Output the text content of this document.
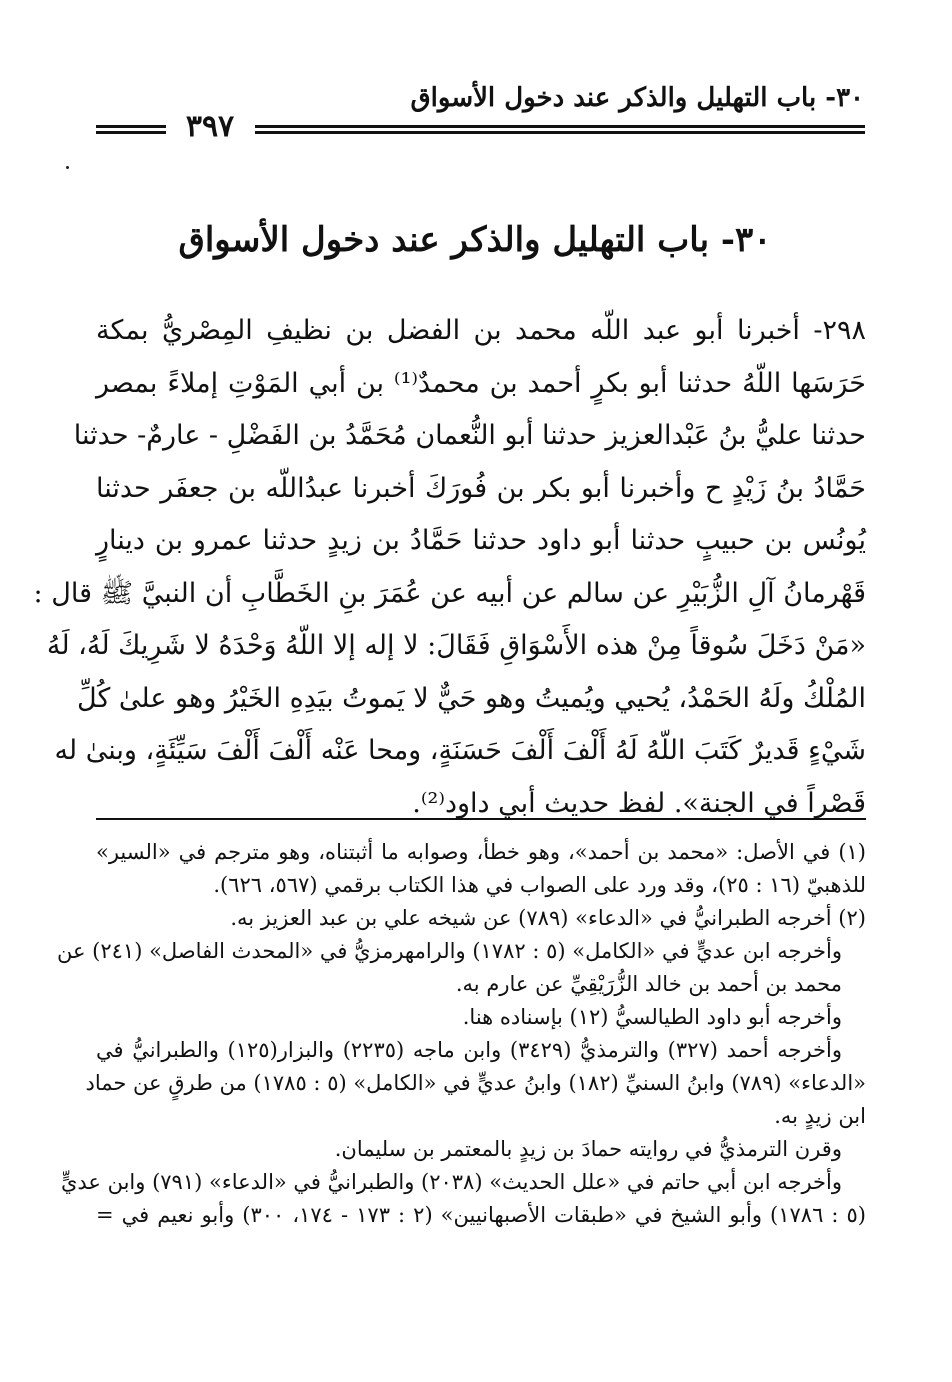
٣٠- باب التهليل والذكر عند دخول الأسواق
٣٩٧
٣٠- باب التهليل والذكر عند دخول الأسواق
٢٩٨- أخبرنا أبو عبد اللّه محمد بن الفضل بن نظيفِ المِصْريُّ بمكة
حَرَسَها اللّهُ حدثنا أبو بكرٍ أحمد بن محمدٌ⁽¹⁾ بن أبي المَوْتِ إملاءً بمصر
حدثنا عليُّ بنُ عَبْدالعزيز حدثنا أبو النُّعمان مُحَمَّدُ بن الفَضْلِ - عارمٌ- حدثنا
حَمَّادُ بنُ زَيْدٍ ح وأخبرنا أبو بكر بن فُورَكَ أخبرنا عبدُاللّه بن جعفَر حدثنا
يُونُس بن حبيبٍ حدثنا أبو داود حدثنا حَمَّادُ بن زيدٍ حدثنا عمرو بن دينارٍ
قَهْرمانُ آلِ الزُّبَيْرِ عن سالم عن أبيه عن عُمَرَ بنِ الخَطَّابِ أن النبيَّ ﷺ قال :
«مَنْ دَخَلَ سُوقاً مِنْ هذه الأَسْوَاقِ فَقَالَ: لا إله إلا اللّهُ وَحْدَهُ لا شَرِيكَ لَهُ، لَهُ
المُلْكُ ولَهُ الحَمْدُ، يُحيي ويُميتُ وهو حَيٌّ لا يَموتُ بيَدِهِ الخَيْرُ وهو علىٰ كُلِّ
شَيْءٍ قَديرٌ كَتَبَ اللّهُ لَهُ أَلْفَ أَلْفَ حَسَنَةٍ، ومحا عَنْه أَلْفَ أَلْفَ سَيِّئَةٍ، وبنىٰ له
قَصْراً في الجنة». لفظ حديث أبي داود⁽²⁾.
(١) في الأصل: «محمد بن أحمد»، وهو خطأ، وصوابه ما أثبتناه، وهو مترجم في «السير»
للذهبيّ (١٦ : ٢٥)، وقد ورد على الصواب في هذا الكتاب برقمي (٥٦٧، ٦٢٦).
(٢) أخرجه الطبرانيُّ في «الدعاء» (٧٨٩) عن شيخه علي بن عبد العزيز به.
وأخرجه ابن عديٍّ في «الكامل» (٥ : ١٧٨٢) والرامهرمزيُّ في «المحدث الفاصل» (٢٤١) عن
محمد بن أحمد بن خالد الزُّرَيْقِيِّ عن عارم به.
وأخرجه أبو داود الطيالسيُّ (١٢) بإسناده هنا.
وأخرجه أحمد (٣٢٧) والترمذيُّ (٣٤٢٩) وابن ماجه (٢٢٣٥) والبزار(١٢٥) والطبرانيُّ في
«الدعاء» (٧٨٩) وابنُ السنيِّ (١٨٢) وابنُ عديٍّ في «الكامل» (٥ : ١٧٨٥) من طرقٍ عن حماد
ابن زيدٍ به.
وقرن الترمذيُّ في روايته حمادَ بن زيدٍ بالمعتمر بن سليمان.
وأخرجه ابن أبي حاتم في «علل الحديث» (٢٠٣٨) والطبرانيُّ في «الدعاء» (٧٩١) وابن عديٍّ
(٥ : ١٧٨٦) وأبو الشيخ في «طبقات الأصبهانيين» (٢ : ١٧٣ - ١٧٤، ٣٠٠) وأبو نعيم في =
